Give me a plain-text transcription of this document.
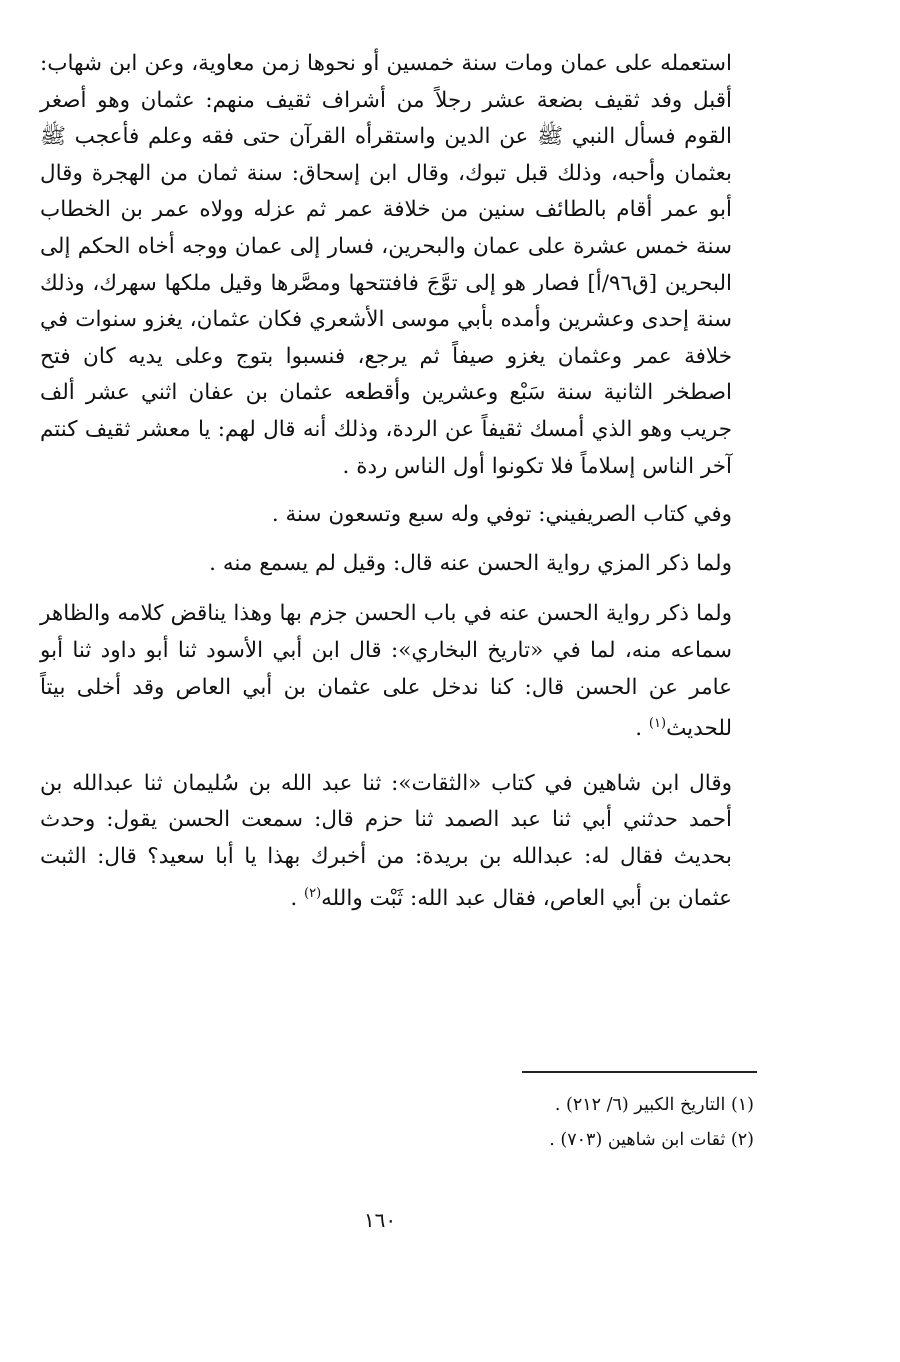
استعمله على عمان ومات سنة خمسين أو نحوها زمن معاوية، وعن ابن شهاب: أقبل وفد ثقيف بضعة عشر رجلاً من أشراف ثقيف منهم: عثمان وهو أصغر القوم فسأل النبي ﷺ عن الدين واستقرأه القرآن حتى فقه وعلم فأعجب ﷺ بعثمان وأحبه، وذلك قبل تبوك، وقال ابن إسحاق: سنة ثمان من الهجرة وقال أبو عمر أقام بالطائف سنين من خلافة عمر ثم عزله وولاه عمر بن الخطاب سنة خمس عشرة على عمان والبحرين، فسار إلى عمان ووجه أخاه الحكم إلى البحرين [ق٩٦/أ] فصار هو إلى توَّجَ فافتتحها ومصَّرها وقيل ملكها سهرك، وذلك سنة إحدى وعشرين وأمده بأبي موسى الأشعري فكان عثمان، يغزو سنوات في خلافة عمر وعثمان يغزو صيفاً ثم يرجع، فنسبوا بتوج وعلى يديه كان فتح اصطخر الثانية سنة سَبْع وعشرين وأقطعه عثمان بن عفان اثني عشر ألف جريب وهو الذي أمسك ثقيفاً عن الردة، وذلك أنه قال لهم: يا معشر ثقيف كنتم آخر الناس إسلاماً فلا تكونوا أول الناس ردة .

وفي كتاب الصريفيني: توفي وله سبع وتسعون سنة .

ولما ذكر المزي رواية الحسن عنه قال: وقيل لم يسمع منه .

ولما ذكر رواية الحسن عنه في باب الحسن جزم بها وهذا يناقض كلامه والظاهر سماعه منه، لما في «تاريخ البخاري»: قال ابن أبي الأسود ثنا أبو داود ثنا أبو عامر عن الحسن قال: كنا ندخل على عثمان بن أبي العاص وقد أخلى بيتاً للحديث$^{(١)}$ .

وقال ابن شاهين في كتاب «الثقات»: ثنا عبد الله بن سُليمان ثنا عبدالله بن أحمد حدثني أبي ثنا عبد الصمد ثنا حزم قال: سمعت الحسن يقول: وحدث بحديث فقال له: عبدالله بن بريدة: من أخبرك بهذا يا أبا سعيد؟ قال: الثبت عثمان بن أبي العاص، فقال عبد الله: ثَبْت والله$^{(٢)}$ .

(١) التاريخ الكبير (٦/ ٢١٢) .

(٢) ثقات ابن شاهين (٧٠٣) .

١٦٠
